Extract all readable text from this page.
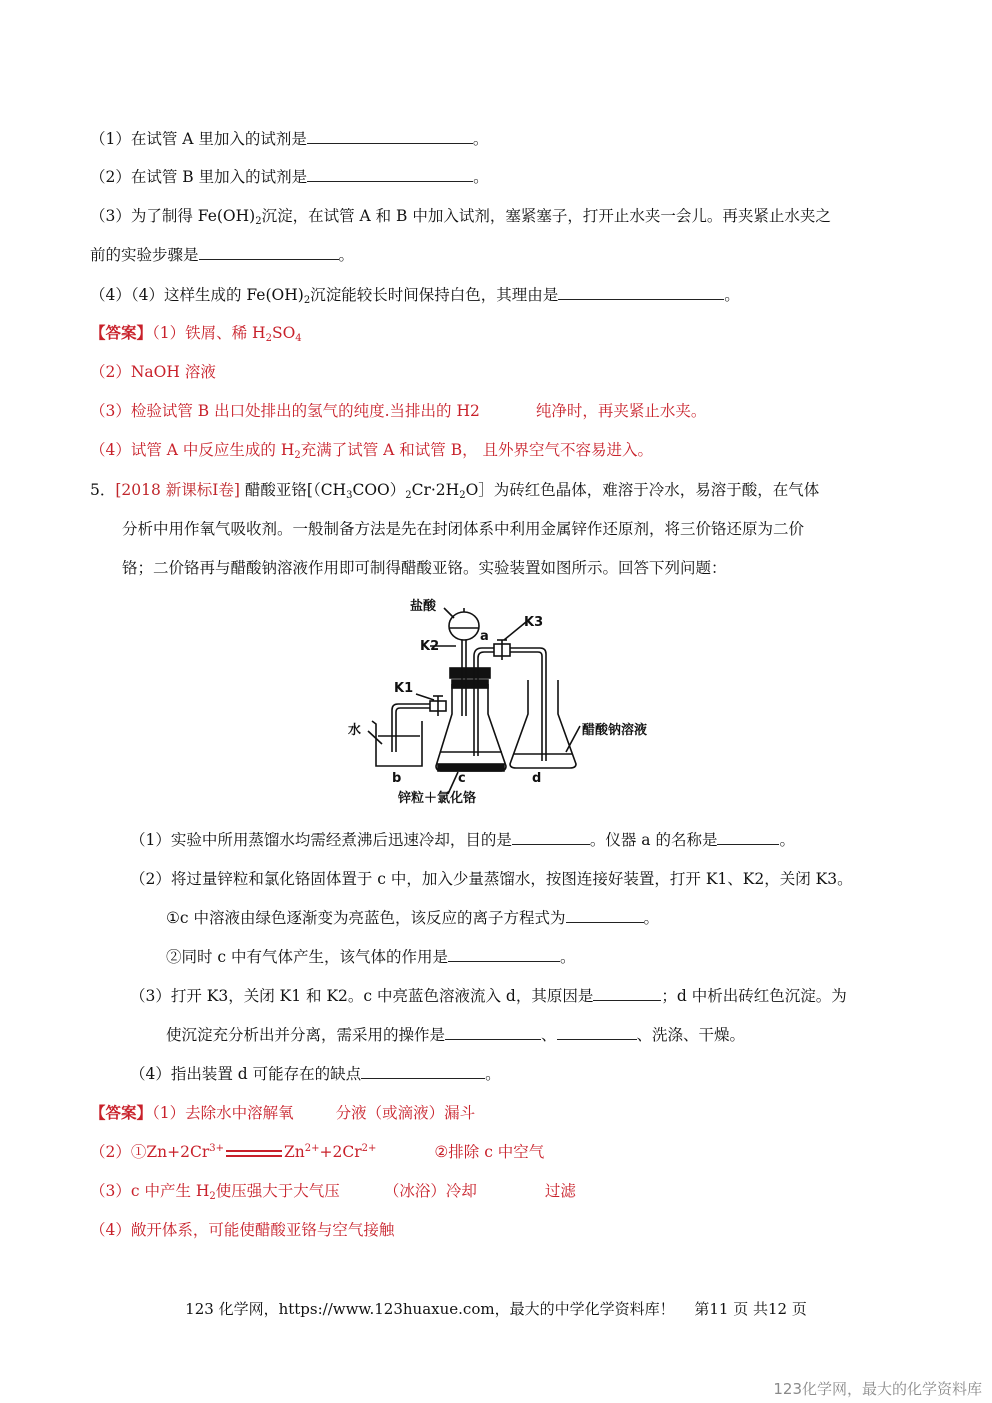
（1）在试管 A 里加入的试剂是	。
（2）在试管 B 里加入的试剂是	。
（3）为了制得 $Fe(OH)_2$沉淀，在试管 A 和 B 中加入试剂，塞紧塞子，打开止水夹一会儿。再夹紧止水夹之
前的实验步骤是	。
（4）（4）这样生成的 $Fe(OH)_2$沉淀能较长时间保持白色，其理由是	。
【答案】（1）铁屑、稀 $H_2SO_4$
（2）NaOH 溶液
（3）检验试管 B 出口处排出的氢气的纯度.当排出的 H2	纯净时，再夹紧止水夹。
（4）试管 A 中反应生成的 $H_2$充满了试管 A 和试管 B， 且外界空气不容易进入。
5．[2018 新课标Ⅰ卷] 醋酸亚铬[$(CH_3COO)_2Cr\cdot 2H_2O]$为砖红色晶体，难溶于冷水，易溶于酸，在气体
分析中用作氧气吸收剂。一般制备方法是先在封闭体系中利用金属锌作还原剂，将三价铬还原为二价
铬；二价铬再与醋酸钠溶液作用即可制得醋酸亚铬。实验装置如图所示。回答下列问题：
盐酸
K2
a
K3
K1
水	醋酸钠溶液
b	c	d
锌粒＋氯化铬
（1）实验中所用蒸馏水均需经煮沸后迅速冷却，目的是	。仪器 a 的名称是	。
（2）将过量锌粒和氯化铬固体置于 c 中，加入少量蒸馏水，按图连接好装置，打开 K1、K2，关闭 K3。
①c 中溶液由绿色逐渐变为亮蓝色，该反应的离子方程式为	。
②同时 c 中有气体产生，该气体的作用是	。
（3）打开 K3，关闭 K1 和 K2。c 中亮蓝色溶液流入 d，其原因是	；d 中析出砖红色沉淀。为
使沉淀充分析出并分离，需采用的操作是	、	、洗涤、干燥。
（4）指出装置 d 可能存在的缺点	。
【答案】（1）去除水中溶解氧	分液（或滴液）漏斗
$(2)①Zn+2Cr^{3+}$	$Zn^{2+}+2Cr^{2+}$	②排除 c 中空气
（3）c 中产生 $H_2$使压强大于大气压	（冰浴）冷却	过滤
（4）敞开体系，可能使醋酸亚铬与空气接触
123 化学网，https://www.123huaxue.com，最大的中学化学资料库！　 第11 页 共12 页
123化学网，最大的化学资料库
